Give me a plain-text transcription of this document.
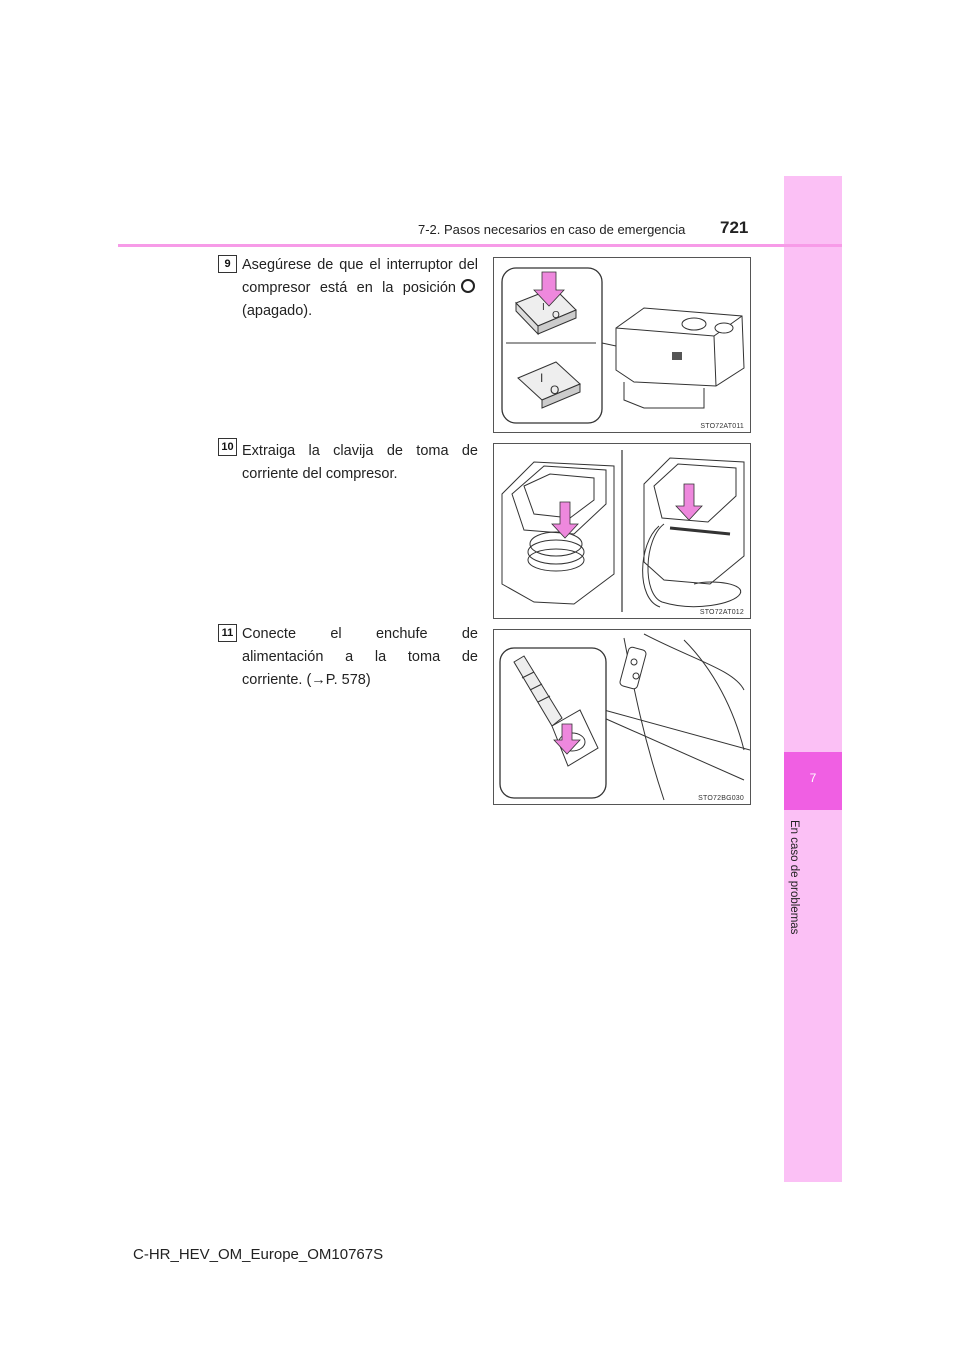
7
En caso de problemas
7-2. Pasos necesarios en caso de emergencia 721
9 Asegúrese de que el interruptor del
compresor está en la posición
(apagado).	I
O
I
O
STO72AT011
10 Extraiga la clavija de toma de
corriente del compresor.
STO72AT012
11 Conecte el enchufe de
alimentación a la toma de
corriente. (→P. 578)
STO72BG030
C-HR_HEV_OM_Europe_OM10767S
